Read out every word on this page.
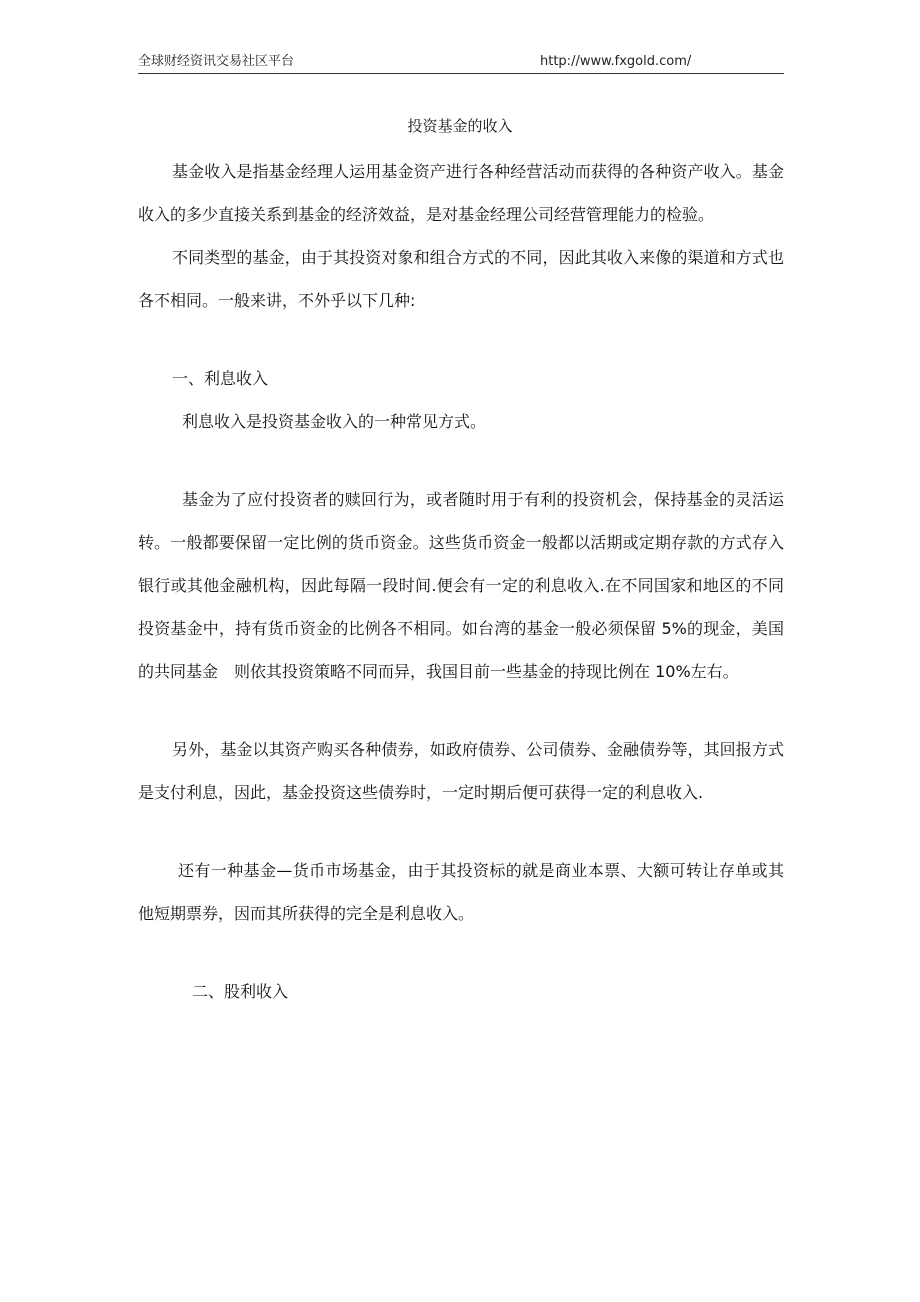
全球财经资讯交易社区平台	http://www.fxgold.com/
投资基金的收入

基金收入是指基金经理人运用基金资产进行各种经营活动而获得的各种资产收入。基金收入的多少直接关系到基金的经济效益，是对基金经理公司经营管理能力的检验。

不同类型的基金，由于其投资对象和组合方式的不同，因此其收入来像的渠道和方式也各不相同。一般来讲，不外乎以下几种:

一、利息收入

利息收入是投资基金收入的一种常见方式。

基金为了应付投资者的赎回行为，或者随时用于有利的投资机会，保持基金的灵活运转。一般都要保留一定比例的货币资金。这些货币资金一般都以活期或定期存款的方式存入银行或其他金融机构，因此每隔一段时间.便会有一定的利息收入.在不同国家和地区的不同投资基金中，持有货币资金的比例各不相同。如台湾的基金一般必须保留 5%的现金，美国的共同基金　则依其投资策略不同而异，我国目前一些基金的持现比例在 10%左右。

另外，基金以其资产购买各种债券，如政府债券、公司债券、金融债券等，其回报方式是支付利息，因此，基金投资这些债券时，一定时期后便可获得一定的利息收入.

还有一种基金—货币市场基金，由于其投资标的就是商业本票、大额可转让存单或其他短期票券，因而其所获得的完全是利息收入。

二、股利收入
